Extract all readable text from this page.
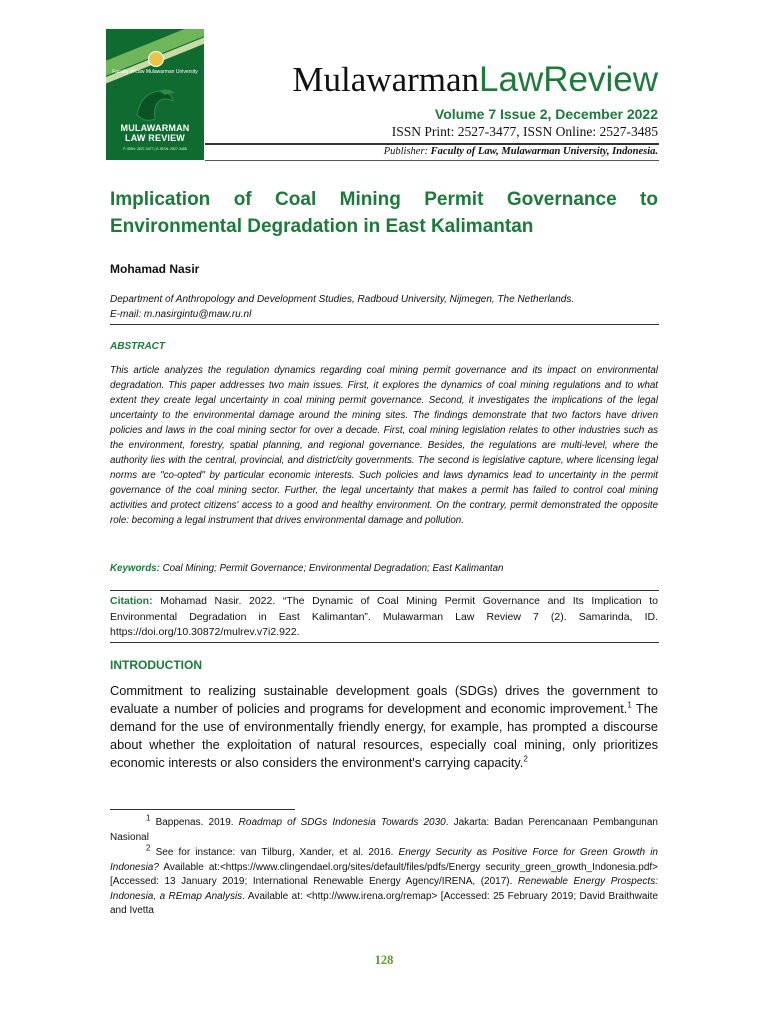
Faculty of Law Mulawarman University
MULAWARMAN
LAW REVIEW
P-ISSN: 2527-3477 | E-ISSN: 2527-3485
MulawarmanLawReview
Volume 7 Issue 2, December 2022
ISSN Print: 2527-3477, ISSN Online: 2527-3485
Publisher: Faculty of Law, Mulawarman University, Indonesia.
Implication of Coal Mining Permit Governance to Environmental Degradation in East Kalimantan
Mohamad Nasir
Department of Anthropology and Development Studies, Radboud University, Nijmegen, The Netherlands.
E-mail: m.nasirgintu@maw.ru.nl
ABSTRACT
This article analyzes the regulation dynamics regarding coal mining permit governance and its impact on environmental degradation. This paper addresses two main issues. First, it explores the dynamics of coal mining regulations and to what extent they create legal uncertainty in coal mining permit governance. Second, it investigates the implications of the legal uncertainty to the environmental damage around the mining sites. The findings demonstrate that two factors have driven policies and laws in the coal mining sector for over a decade. First, coal mining legislation relates to other industries such as the environment, forestry, spatial planning, and regional governance. Besides, the regulations are multi-level, where the authority lies with the central, provincial, and district/city governments. The second is legislative capture, where licensing legal norms are "co-opted" by particular economic interests. Such policies and laws dynamics lead to uncertainty in the permit governance of the coal mining sector. Further, the legal uncertainty that makes a permit has failed to control coal mining activities and protect citizens' access to a good and healthy environment. On the contrary, permit demonstrated the opposite role: becoming a legal instrument that drives environmental damage and pollution.
Keywords: Coal Mining; Permit Governance; Environmental Degradation; East Kalimantan
Citation: Mohamad Nasir. 2022. “The Dynamic of Coal Mining Permit Governance and Its Implication to Environmental Degradation in East Kalimantan”. Mulawarman Law Review 7 (2). Samarinda, ID. https://doi.org/10.30872/mulrev.v7i2.922.
INTRODUCTION
Commitment to realizing sustainable development goals (SDGs) drives the government to evaluate a number of policies and programs for development and economic improvement.$^1$ The demand for the use of environmentally friendly energy, for example, has prompted a discourse about whether the exploitation of natural resources, especially coal mining, only prioritizes economic interests or also considers the environment's carrying capacity.$^2$
$^1$ Bappenas. 2019. Roadmap of SDGs Indonesia Towards 2030. Jakarta: Badan Perencanaan Pembangunan Nasional
$^2$ See for instance: van Tilburg, Xander, et al. 2016. Energy Security as Positive Force for Green Growth in Indonesia? Available at:<https://www.clingendael.org/sites/default/files/pdfs/Energy security_green_growth_Indonesia.pdf> [Accessed: 13 January 2019; International Renewable Energy Agency/IRENA, (2017). Renewable Energy Prospects: Indonesia, a REmap Analysis. Available at: <http://www.irena.org/remap> [Accessed: 25 February 2019; David Braithwaite and Ivetta
128
